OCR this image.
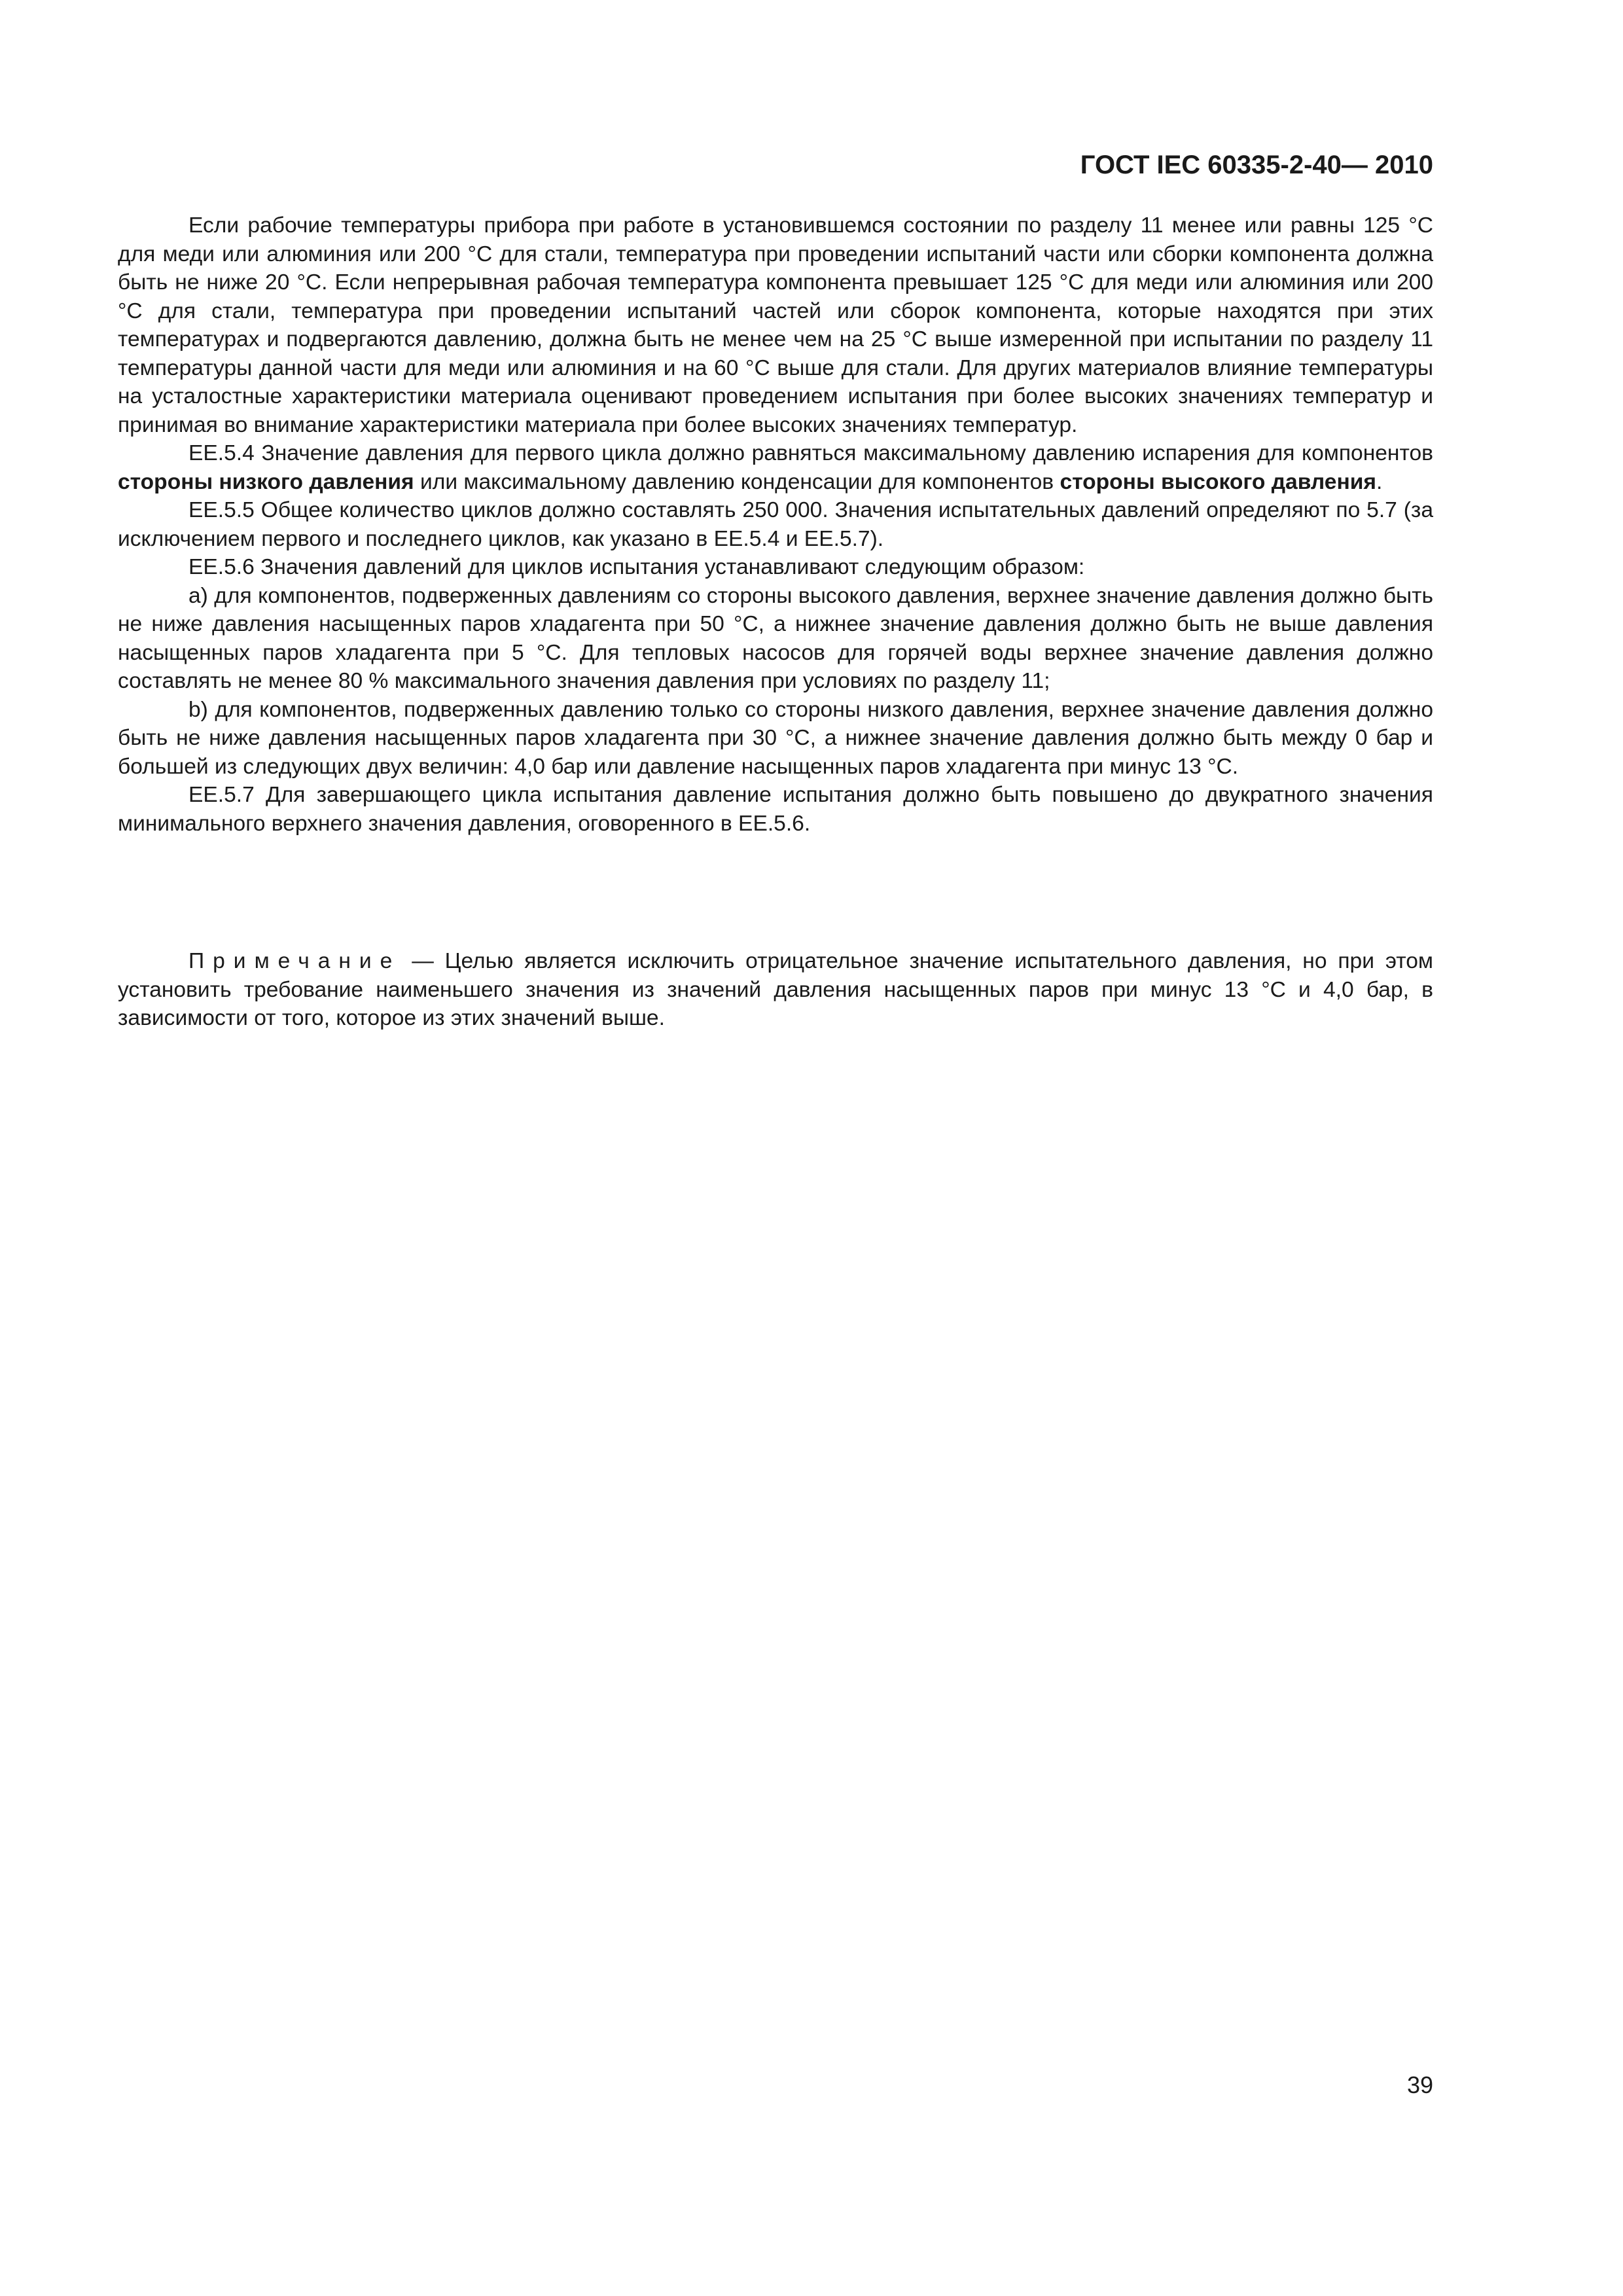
ГОСТ IEC 60335-2-40— 2010

Если рабочие температуры прибора при работе в установившемся состоянии по разделу 11 менее или равны 125 °С для меди или алюминия или 200 °С для стали, температура при проведении испытаний части или сборки компонента должна быть не ниже 20 °С. Если непрерывная рабочая температура компонента превышает 125 °С для меди или алюминия или 200 °С для стали, температура при проведении испытаний частей или сборок компонента, которые находятся при этих температурах и подвергаются давлению, должна быть не менее чем на 25 °С выше измеренной при испытании по разделу 11 температуры данной части для меди или алюминия и на 60 °С выше для стали. Для других материалов влияние температуры на усталостные характеристики материала оценивают проведением испытания при более высоких значениях температур и принимая во внимание характеристики материала при более высоких значениях температур.

ЕЕ.5.4 Значение давления для первого цикла должно равняться максимальному давлению испарения для компонентов стороны низкого давления или максимальному давлению конденсации для компонентов стороны высокого давления.

ЕЕ.5.5 Общее количество циклов должно составлять 250 000. Значения испытательных давлений определяют по 5.7 (за исключением первого и последнего циклов, как указано в ЕЕ.5.4 и ЕЕ.5.7).

ЕЕ.5.6 Значения давлений для циклов испытания устанавливают следующим образом:

а) для компонентов, подверженных давлениям со стороны высокого давления, верхнее значение давления должно быть не ниже давления насыщенных паров хладагента при 50 °С, а нижнее значение давления должно быть не выше давления насыщенных паров хладагента при 5 °С. Для тепловых насосов для горячей воды верхнее значение давления должно составлять не менее 80 % максимального значения давления при условиях по разделу 11;

b) для компонентов, подверженных давлению только со стороны низкого давления, верхнее значение давления должно быть не ниже давления насыщенных паров хладагента при 30 °С, а нижнее значение давления должно быть между 0 бар и большей из следующих двух величин: 4,0 бар или давление насыщенных паров хладагента при минус 13 °С.

ЕЕ.5.7 Для завершающего цикла испытания давление испытания должно быть повышено до двукратного значения минимального верхнего значения давления, оговоренного в ЕЕ.5.6.

Примечание — Целью является исключить отрицательное значение испытательного давления, но при этом установить требование наименьшего значения из значений давления насыщенных паров при минус 13 °С и 4,0 бар, в зависимости от того, которое из этих значений выше.

39
